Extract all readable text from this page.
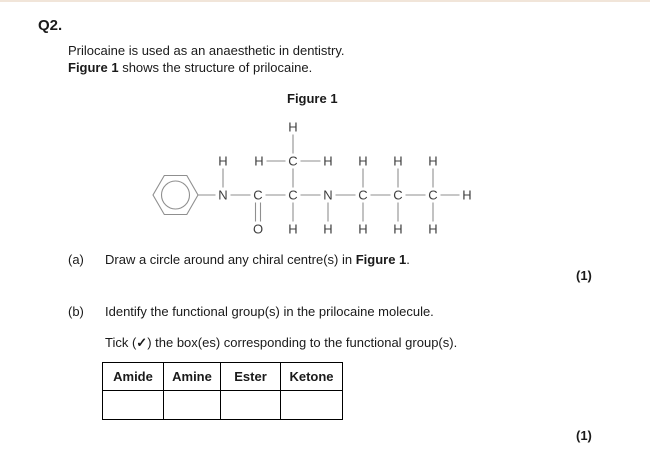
Q2.
Prilocaine is used as an anaesthetic in dentistry.
Figure 1 shows the structure of prilocaine.
Figure 1
H
N C
O
C
C
H
H	H
H
N
H
C
H
H
C
H
H
C
H
H
H
(a) Draw a circle around any chiral centre(s) in Figure 1.
(1)
(b) Identify the functional group(s) in the prilocaine molecule.
Tick (✓) the box(es) corresponding to the functional group(s).
Amide	Amine	Ester	Ketone

(1)
